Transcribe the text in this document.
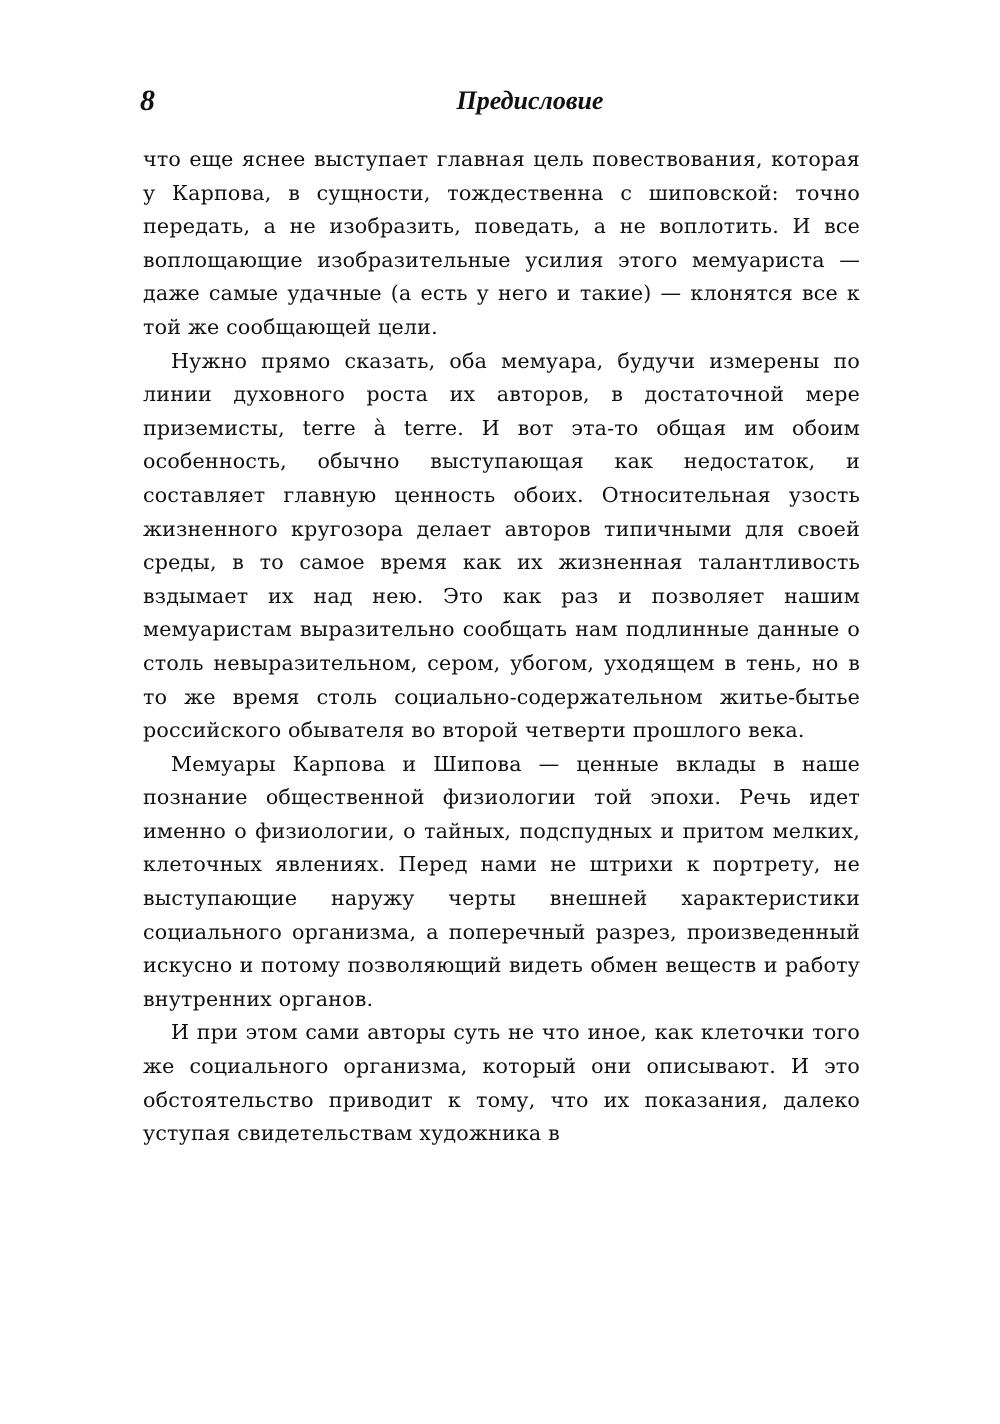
8	Предисловие

что еще яснее выступает главная цель повествования, которая у Карпова, в сущности, тождественна с шиповской: точно передать, а не изобразить, поведать, а не воплотить. И все воплощающие изобразительные усилия этого мемуариста — даже самые удачные (а есть у него и такие) — клонятся все к той же сообщающей цели.

Нужно прямо сказать, оба мемуара, будучи измерены по линии духовного роста их авторов, в достаточной мере приземисты, terre à terre. И вот эта-то общая им обоим особенность, обычно выступающая как недостаток, и составляет главную ценность обоих. Относительная узость жизненного кругозора делает авторов типичными для своей среды, в то самое время как их жизненная талантливость вздымает их над нею. Это как раз и позволяет нашим мемуаристам выразительно сообщать нам подлинные данные о столь невыразительном, сером, убогом, уходящем в тень, но в то же время столь социально-содержательном житье-бытье российского обывателя во второй четверти прошлого века.

Мемуары Карпова и Шипова — ценные вклады в наше познание общественной физиологии той эпохи. Речь идет именно о физиологии, о тайных, подспудных и притом мелких, клеточных явлениях. Перед нами не штрихи к портрету, не выступающие наружу черты внешней характеристики социального организма, а поперечный разрез, произведенный искусно и потому позволяющий видеть обмен веществ и работу внутренних органов.

И при этом сами авторы суть не что иное, как клеточки того же социального организма, который они описывают. И это обстоятельство приводит к тому, что их показания, далеко уступая свидетельствам художника в
